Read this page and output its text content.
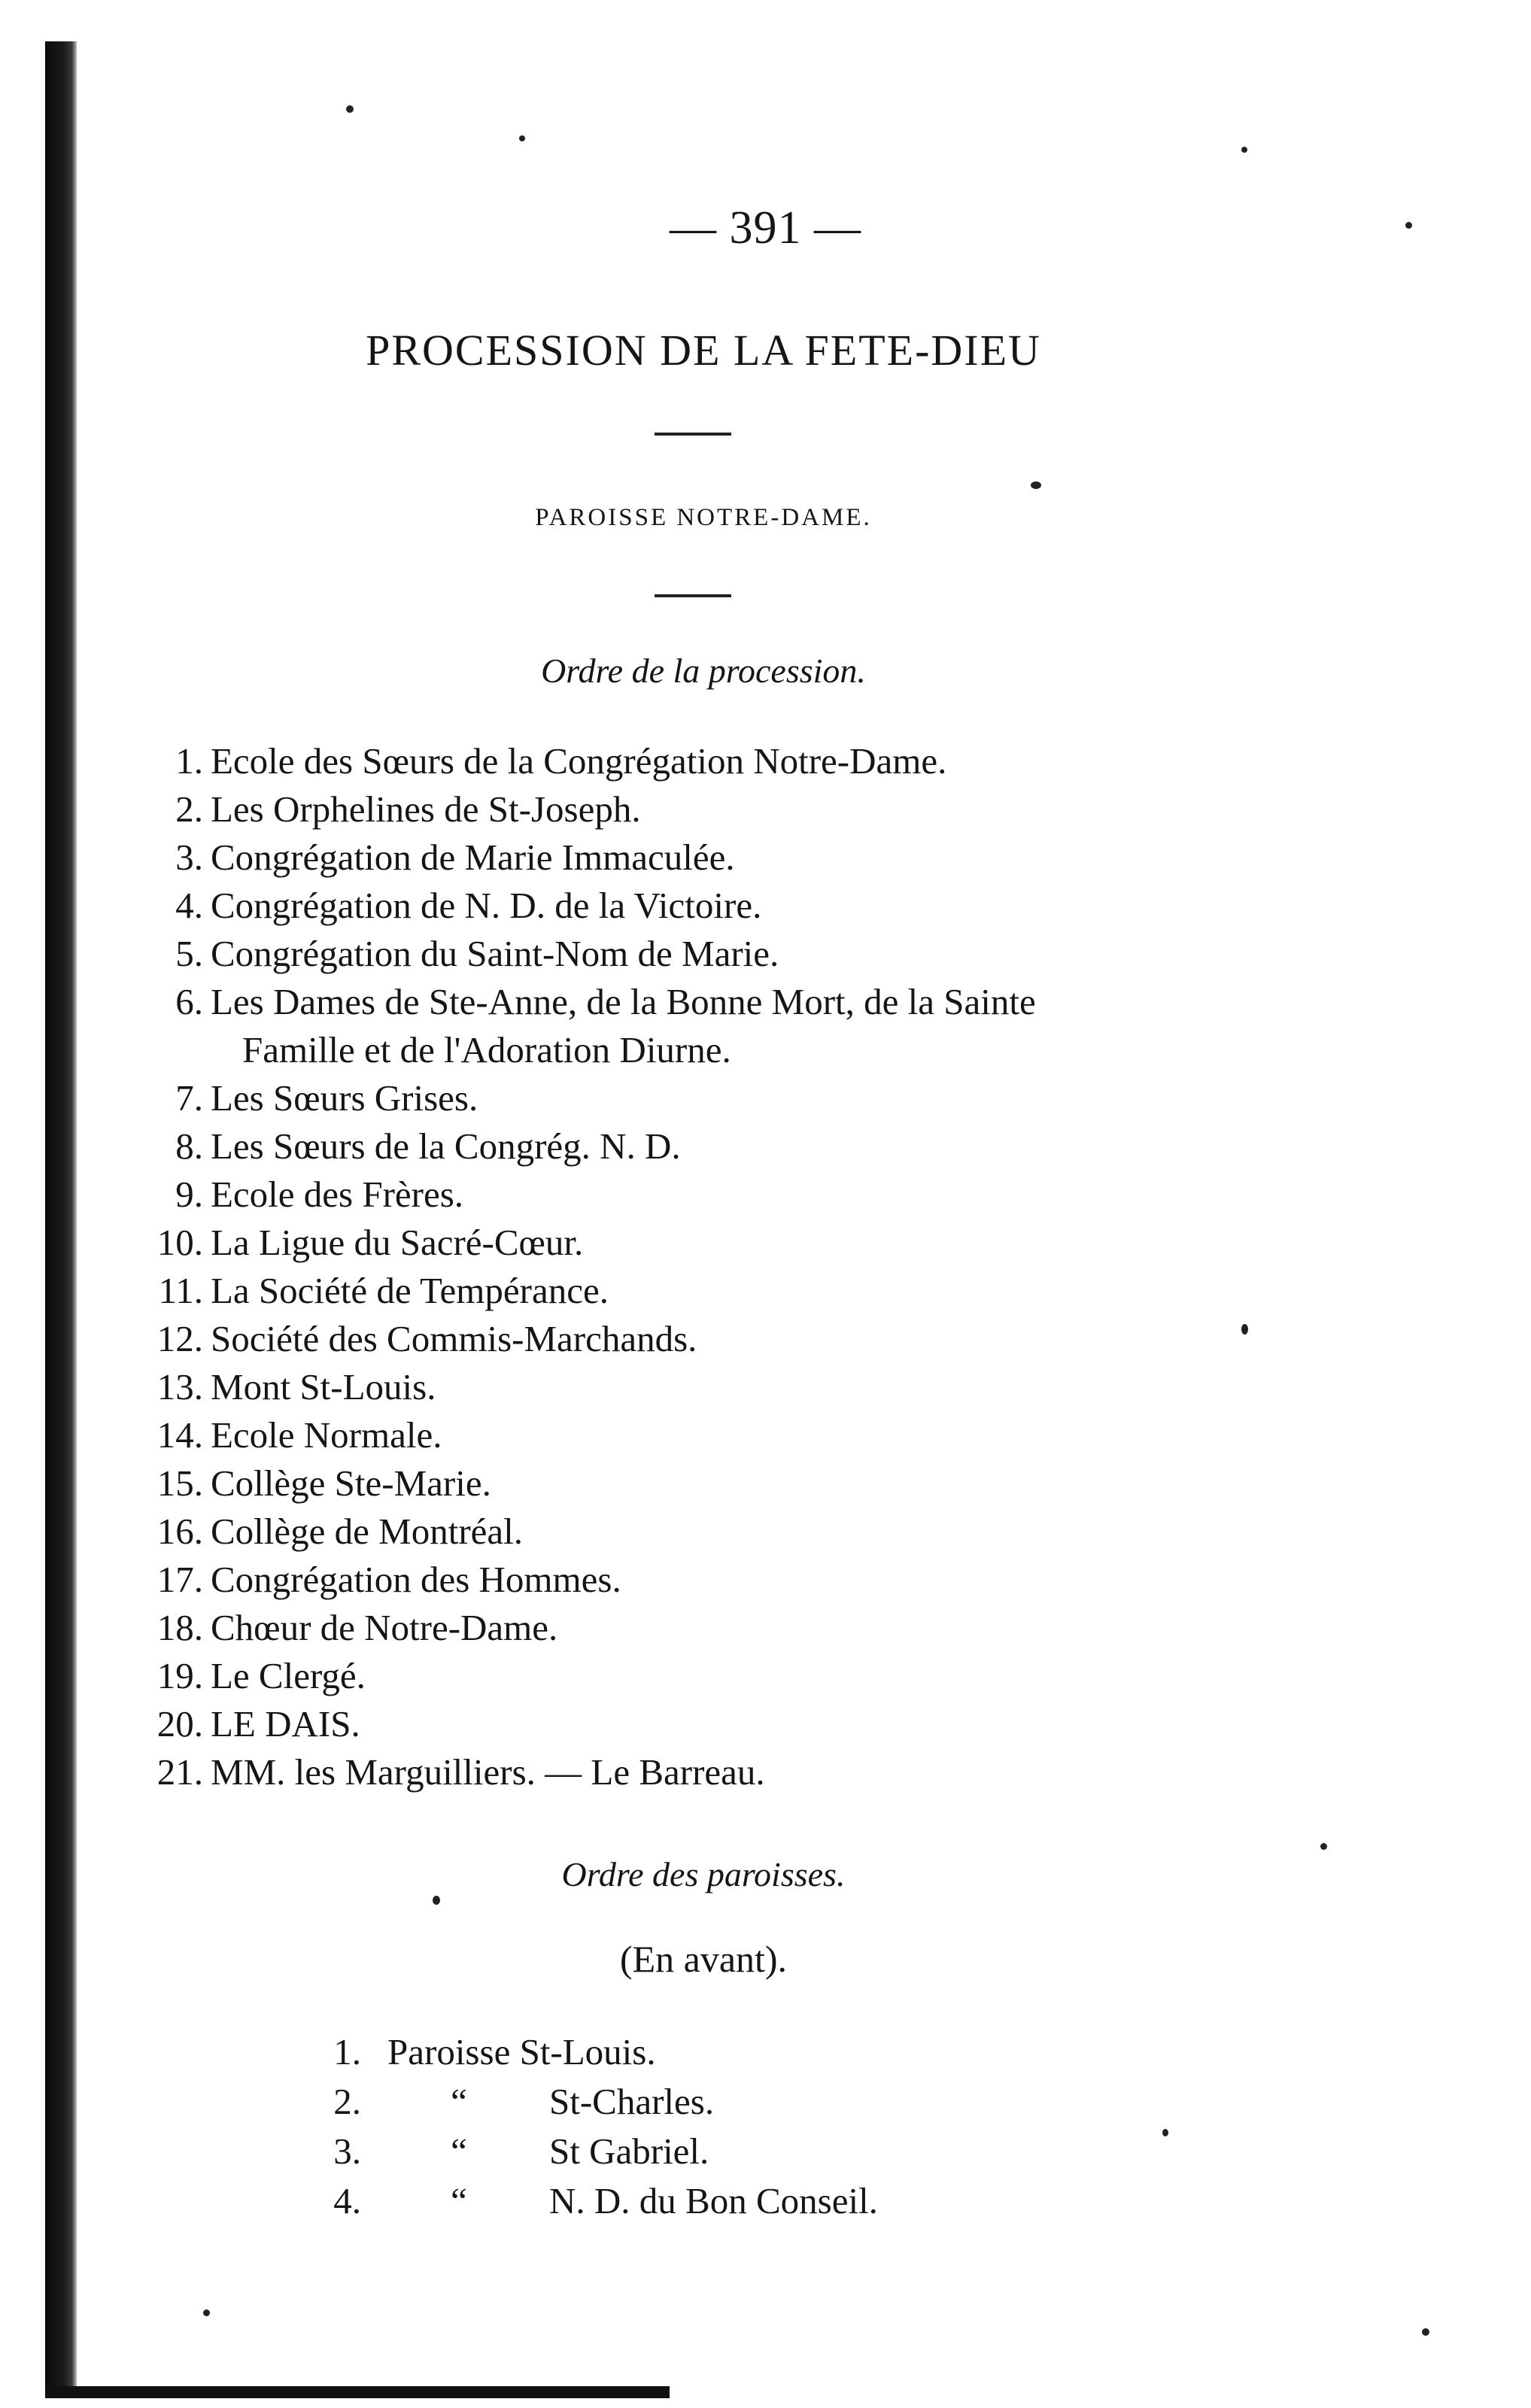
— 391 —
PROCESSION DE LA FETE-DIEU
PAROISSE NOTRE-DAME.
Ordre de la procession.
1. Ecole des Sœurs de la Congrégation Notre-Dame.
2. Les Orphelines de St-Joseph.
3. Congrégation de Marie Immaculée.
4. Congrégation de N. D. de la Victoire.
5. Congrégation du Saint-Nom de Marie.
6. Les Dames de Ste-Anne, de la Bonne Mort, de la Sainte
Famille et de l'Adoration Diurne.
7. Les Sœurs Grises.
8. Les Sœurs de la Congrég. N. D.
9. Ecole des Frères.
10. La Ligue du Sacré-Cœur.
11. La Société de Tempérance.
12. Société des Commis-Marchands.
13. Mont St-Louis.
14. Ecole Normale.
15. Collège Ste-Marie.
16. Collège de Montréal.
17. Congrégation des Hommes.
18. Chœur de Notre-Dame.
19. Le Clergé.
20. LE DAIS.
21. MM. les Marguilliers. — Le Barreau.
Ordre des paroisses.
(En avant).
1. Paroisse St-Louis.
2.	“	St-Charles.
3.	“	St Gabriel.
4.	“	N. D. du Bon Conseil.
